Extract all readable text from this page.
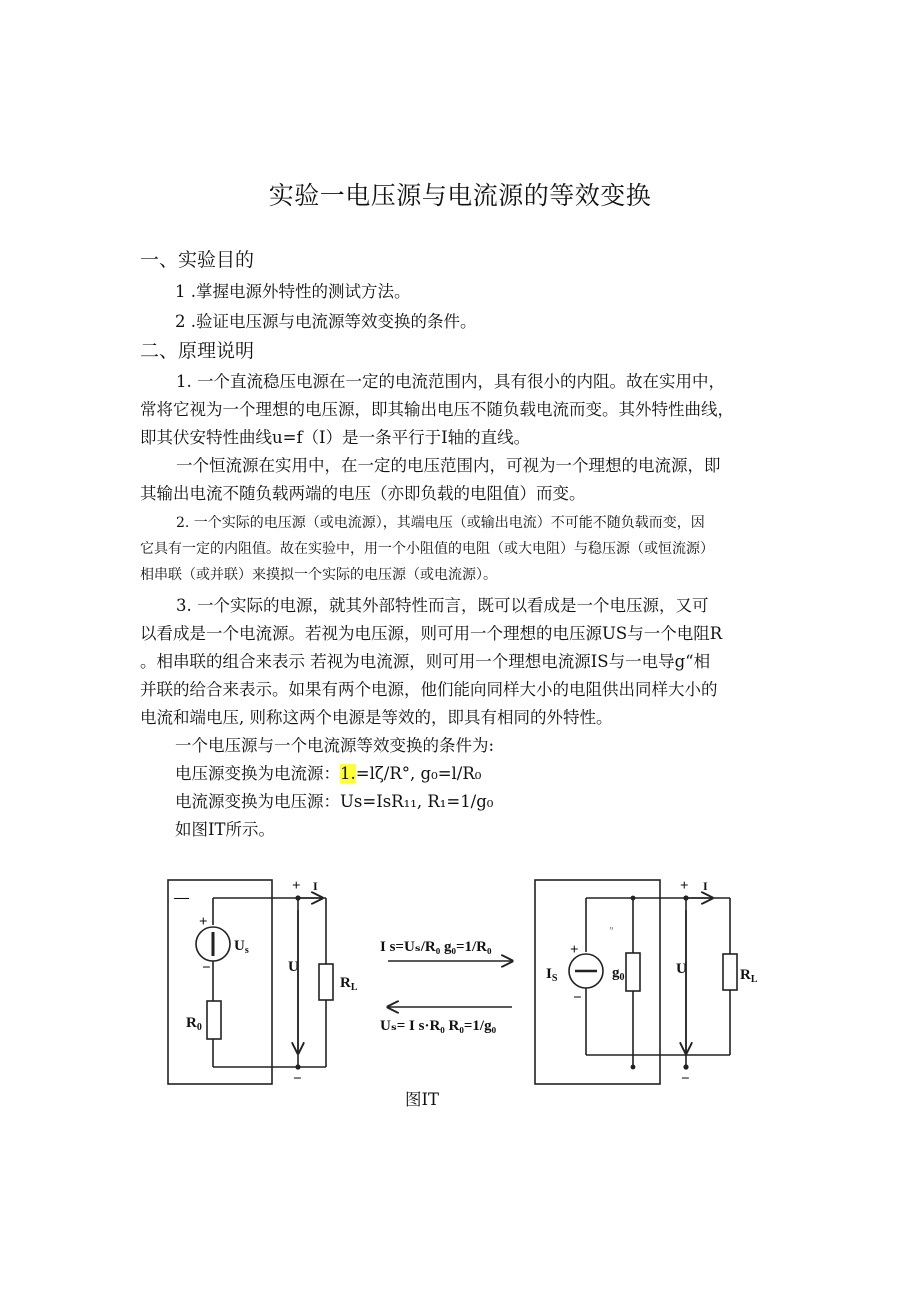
实验一电压源与电流源的等效变换
一、实验目的
1 .掌握电源外特性的测试方法。
2 .验证电压源与电流源等效变换的条件。
二、原理说明
1. 一个直流稳压电源在一定的电流范围内，具有很小的内阻。故在实用中，
常将它视为一个理想的电压源，即其输出电压不随负载电流而变。其外特性曲线，
即其伏安特性曲线u=f（I）是一条平行于I轴的直线。
一个恒流源在实用中，在一定的电压范围内，可视为一个理想的电流源，即
其输出电流不随负载两端的电压（亦即负载的电阻值）而变。
2. 一个实际的电压源（或电流源），其端电压（或输出电流）不可能不随负载而变，因
它具有一定的内阻值。故在实验中，用一个小阻值的电阻（或大电阻）与稳压源（或恒流源）
相串联（或并联）来摸拟一个实际的电压源（或电流源）。
3. 一个实际的电源，就其外部特性而言，既可以看成是一个电压源，又可
以看成是一个电流源。若视为电压源，则可用一个理想的电压源US与一个电阻R
。相串联的组合来表示 若视为电流源，则可用一个理想电流源IS与一电导g“相
并联的给合来表示。如果有两个电源，他们能向同样大小的电阻供出同样大小的
电流和端电压, 则称这两个电源是等效的，即具有相同的外特性。
一个电压源与一个电流源等效变换的条件为:
电压源变换为电流源：1.=lζ/R°, g₀=l/R₀
电流源变换为电压源：Us=IsR₁₁, R₁=1/g₀
如图IT所示。
—
+
−
$U_s$
$R_0$
+ I
U
−
$R_L$
I s=Uₛ/R₀ g₀=1/R₀
Uₛ= I s·R₀ R₀=1/g₀
+
−
$I_S$
ᵘ
$g_0$
+ I
U
−
$R_L$
图IT
